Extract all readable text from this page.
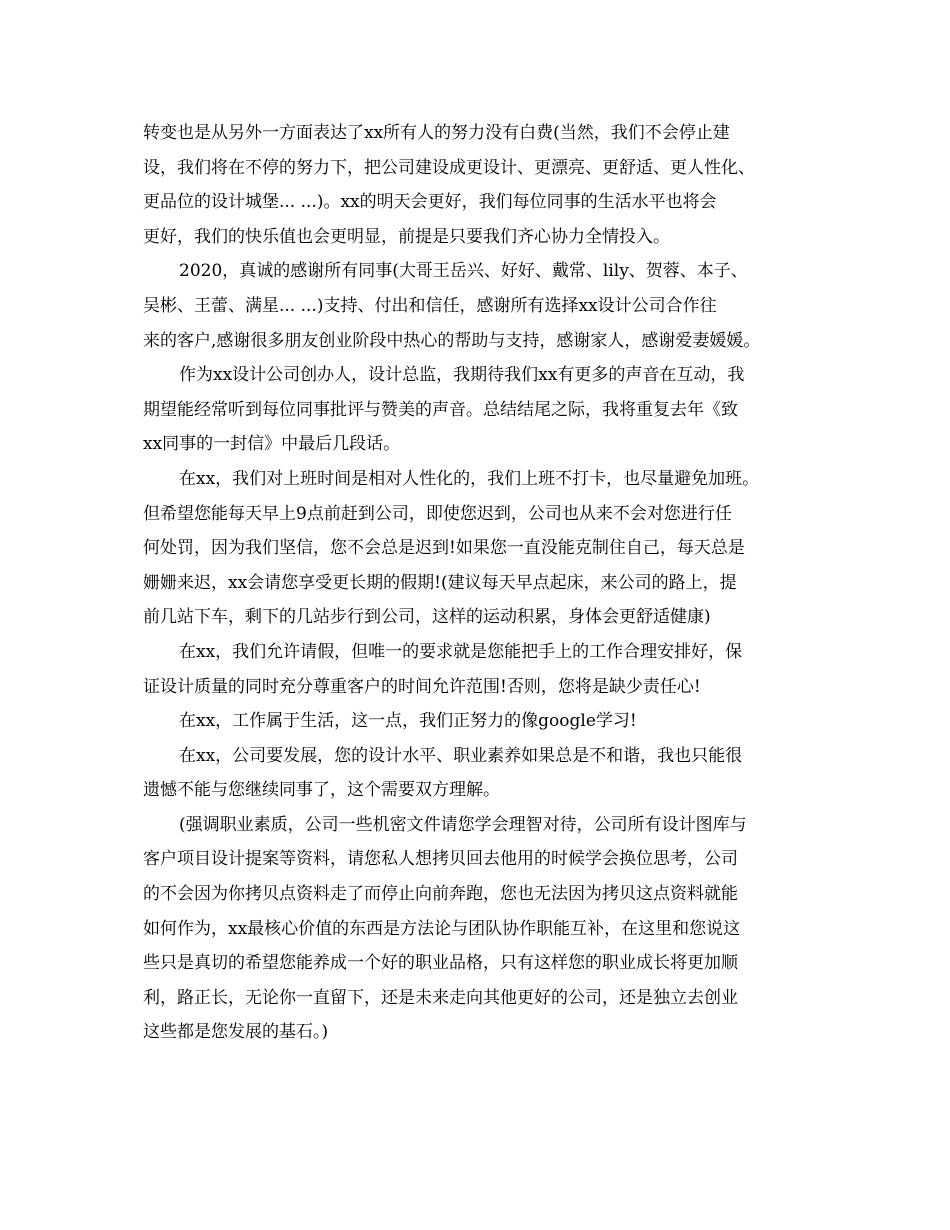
转变也是从另外一方面表达了xx所有人的努力没有白费(当然，我们不会停止建
设，我们将在不停的努力下，把公司建设成更设计、更漂亮、更舒适、更人性化、
更品位的设计城堡... ...)。xx的明天会更好，我们每位同事的生活水平也将会
更好，我们的快乐值也会更明显，前提是只要我们齐心协力全情投入。
2020，真诚的感谢所有同事(大哥王岳兴、好好、戴常、lily、贺蓉、本子、
吴彬、王蕾、满星... ...)支持、付出和信任，感谢所有选择xx设计公司合作往
来的客户,感谢很多朋友创业阶段中热心的帮助与支持，感谢家人，感谢爱妻媛媛。
作为xx设计公司创办人，设计总监，我期待我们xx有更多的声音在互动，我
期望能经常听到每位同事批评与赞美的声音。总结结尾之际，我将重复去年《致
xx同事的一封信》中最后几段话。
在xx，我们对上班时间是相对人性化的，我们上班不打卡，也尽量避免加班。
但希望您能每天早上9点前赶到公司，即使您迟到，公司也从来不会对您进行任
何处罚，因为我们坚信，您不会总是迟到!如果您一直没能克制住自己，每天总是
姗姗来迟，xx会请您享受更长期的假期!(建议每天早点起床，来公司的路上，提
前几站下车，剩下的几站步行到公司，这样的运动积累，身体会更舒适健康)
在xx，我们允许请假，但唯一的要求就是您能把手上的工作合理安排好，保
证设计质量的同时充分尊重客户的时间允许范围!否则，您将是缺少责任心!
在xx，工作属于生活，这一点，我们正努力的像google学习!
在xx，公司要发展，您的设计水平、职业素养如果总是不和谐，我也只能很
遗憾不能与您继续同事了，这个需要双方理解。
(强调职业素质，公司一些机密文件请您学会理智对待，公司所有设计图库与
客户项目设计提案等资料，请您私人想拷贝回去他用的时候学会换位思考，公司
的不会因为你拷贝点资料走了而停止向前奔跑，您也无法因为拷贝这点资料就能
如何作为，xx最核心价值的东西是方法论与团队协作职能互补，在这里和您说这
些只是真切的希望您能养成一个好的职业品格，只有这样您的职业成长将更加顺
利，路正长，无论你一直留下，还是未来走向其他更好的公司，还是独立去创业
这些都是您发展的基石。)
